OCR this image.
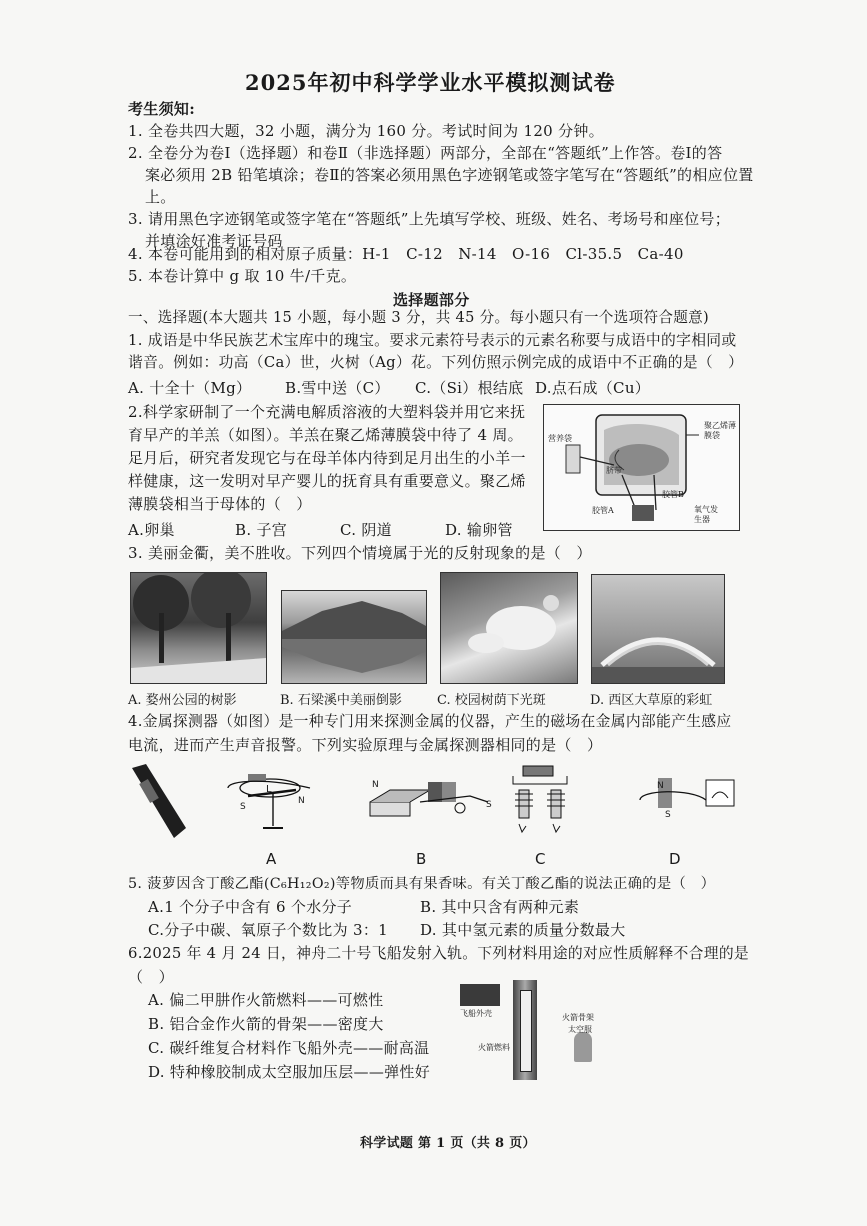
2025年初中科学学业水平模拟测试卷
考生须知:
1. 全卷共四大题，32 小题，满分为 160 分。考试时间为 120 分钟。
2. 全卷分为卷Ⅰ（选择题）和卷Ⅱ（非选择题）两部分，全部在“答题纸”上作答。卷Ⅰ的答
案必须用 2B 铅笔填涂；卷Ⅱ的答案必须用黑色字迹钢笔或签字笔写在“答题纸”的相应位置
上。
3. 请用黑色字迹钢笔或签字笔在“答题纸”上先填写学校、班级、姓名、考场号和座位号；
并填涂好准考证号码
4. 本卷可能用到的相对原子质量：H-1　C-12　N-14　O-16　Cl-35.5　Ca-40
5. 本卷计算中 g 取 10 牛/千克。
选择题部分
一、选择题(本大题共 15 小题，每小题 3 分，共 45 分。每小题只有一个选项符合题意)
1. 成语是中华民族艺术宝库中的瑰宝。要求元素符号表示的元素名称要与成语中的字相同或
谐音。例如：功高（Ca）世，火树（Ag）花。下列仿照示例完成的成语中不正确的是（　）
A. 十全十（Mg） B.雪中送（C） C.（Si）根结底 D.点石成（Cu）
2.科学家研制了一个充满电解质溶液的大塑料袋并用它来抚
育早产的羊羔（如图）。羊羔在聚乙烯薄膜袋中待了 4 周。
足月后，研究者发现它与在母羊体内待到足月出生的小羊一
样健康，这一发明对早产婴儿的抚育具有重要意义。聚乙烯
薄膜袋相当于母体的（　）
A.卵巢	B. 子宫	C. 阴道	D. 输卵管
聚乙烯薄膜袋
营养袋
脐带
胶管B
胶管A	氧气发生器
3. 美丽金衢，美不胜收。下列四个情境属于光的反射现象的是（　）
A. 婺州公园的树影	B. 石梁溪中美丽倒影	C. 校园树荫下光斑	D. 西区大草原的彩虹
4.金属探测器（如图）是一种专门用来探测金属的仪器，产生的磁场在金属内部能产生感应
电流，进而产生声音报警。下列实验原理与金属探测器相同的是（　）
L
S
N
N
S
N
S
A	B	C	D
5. 菠萝因含丁酸乙酯(C₆H₁₂O₂)等物质而具有果香味。有关丁酸乙酯的说法正确的是（　）
A.1 个分子中含有 6 个水分子	B. 其中只含有两种元素
C.分子中碳、氧原子个数比为 3：1 D. 其中氢元素的质量分数最大
6.2025 年 4 月 24 日，神舟二十号飞船发射入轨。下列材料用途的对应性质解释不合理的是
（　）
A. 偏二甲肼作火箭燃料——可燃性
B. 铝合金作火箭的骨架——密度大
C. 碳纤维复合材料作飞船外壳——耐高温
D. 特种橡胶制成太空服加压层——弹性好
飞船外壳	火箭骨架
太空服
火箭燃料
科学试题 第 1 页（共 8 页）
